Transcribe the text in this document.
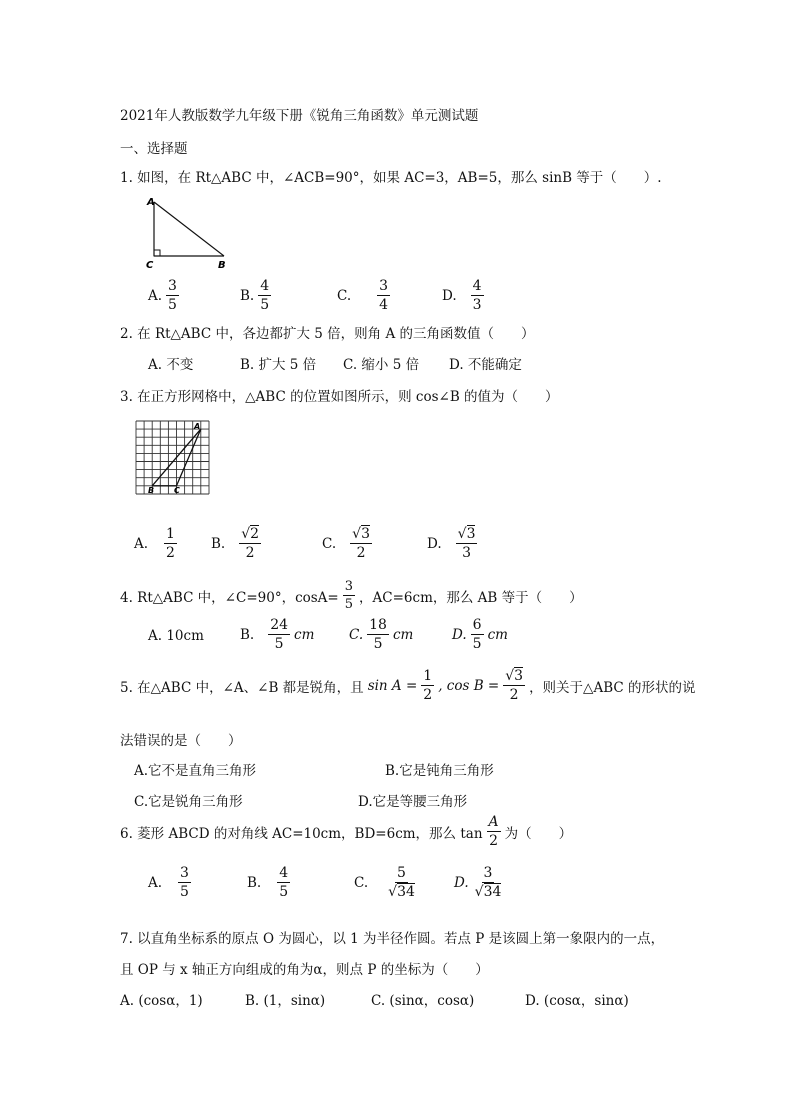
2021年人教版数学九年级下册《锐角三角函数》单元测试题
一、选择题
1. 如图，在 Rt△ABC 中，∠ACB=90°，如果 AC=3，AB=5，那么 sinB 等于（　　）.
A
C	B
A. $\frac{3}{5}$	B. $\frac{4}{5}$	C. $\frac{3}{4}$	D. $\frac{4}{3}$
2. 在 Rt△ABC 中，各边都扩大 5 倍，则角 A 的三角函数值（　　）
A. 不变	B. 扩大 5 倍 C. 缩小 5 倍 D. 不能确定
3. 在正方形网格中，△ABC 的位置如图所示，则 cos∠B 的值为（　　）
A
B C
A. $\frac{1}{2}$	B. $\frac{√2}{2}$	C. $\frac{√3}{2}$	D. $\frac{√3}{3}$
4. Rt△ABC 中，∠C=90°，$\cos A= \frac{3}{5}$ ，AC=6cm，那么 AB 等于（　　）
A. 10cm	B. $\frac{24}{5}$ cm	C. $\frac{18}{5}$ cm	D. $\frac{6}{5}$ cm
5. 在△ABC 中，∠A、∠B 都是锐角，且 $\sin A = \frac{1}{2}$ , $\cos B = \frac{√3}{2}$ ，则关于△ABC 的形状的说
法错误的是（　　）
A.它不是直角三角形	B.它是钝角三角形
C.它是锐角三角形	D.它是等腰三角形
6. 菱形 ABCD 的对角线 AC=10cm，BD=6cm，那么 $\tan \frac{A}{2}$ 为（　　）
A. $\frac{3}{5}$	B. $\frac{4}{5}$	C. $\frac{5}{√34}$	D. $\frac{3}{√34}$
7. 以直角坐标系的原点 O 为圆心，以 1 为半径作圆。若点 P 是该圆上第一象限内的一点，
且 OP 与 x 轴正方向组成的角为α，则点 P 的坐标为（　　）
A. (cosα，1)	B. (1，sinα)	C. (sinα，cosα)	D. (cosα，sinα)
